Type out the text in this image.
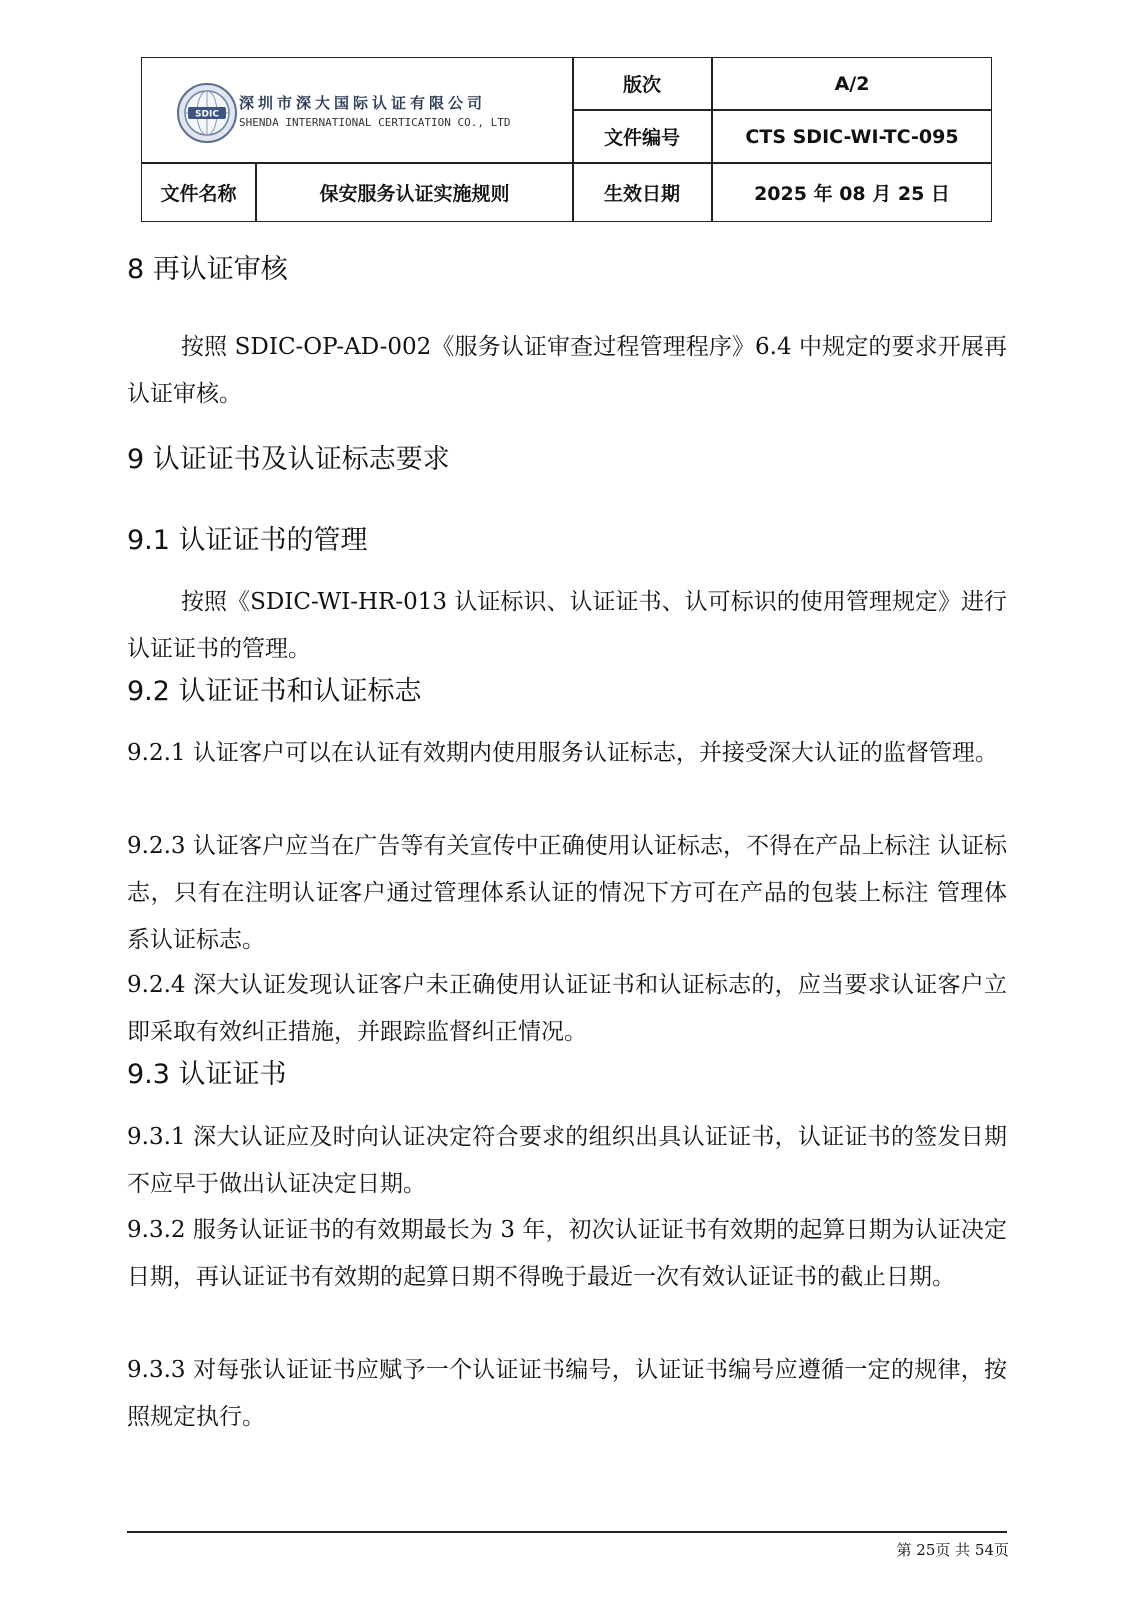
SDIC
深圳市深大国际认证有限公司
SHENDA INTERNATIONAL CERTICATION CO., LTD
版次	A/2
文件编号	CTS SDIC-WI-TC-095
文件名称	保安服务认证实施规则	生效日期	2025 年 08 月 25 日
8 再认证审核
按照 SDIC-OP-AD-002《服务认证审查过程管理程序》6.4 中规定的要求开展再认证审核。
9 认证证书及认证标志要求
9.1 认证证书的管理
按照《SDIC-WI-HR-013 认证标识、认证证书、认可标识的使用管理规定》进行认证证书的管理。
9.2 认证证书和认证标志
9.2.1 认证客户可以在认证有效期内使用服务认证标志，并接受深大认证的监督管理。
9.2.3 认证客户应当在广告等有关宣传中正确使用认证标志，不得在产品上标注 认证标志，只有在注明认证客户通过管理体系认证的情况下方可在产品的包装上标注 管理体系认证标志。
9.2.4 深大认证发现认证客户未正确使用认证证书和认证标志的，应当要求认证客户立即采取有效纠正措施，并跟踪监督纠正情况。
9.3 认证证书
9.3.1 深大认证应及时向认证决定符合要求的组织出具认证证书，认证证书的签发日期不应早于做出认证决定日期。
9.3.2 服务认证证书的有效期最长为 3 年，初次认证证书有效期的起算日期为认证决定日期，再认证证书有效期的起算日期不得晚于最近一次有效认证证书的截止日期。
9.3.3 对每张认证证书应赋予一个认证证书编号，认证证书编号应遵循一定的规律，按照规定执行。
第 25页 共 54页
